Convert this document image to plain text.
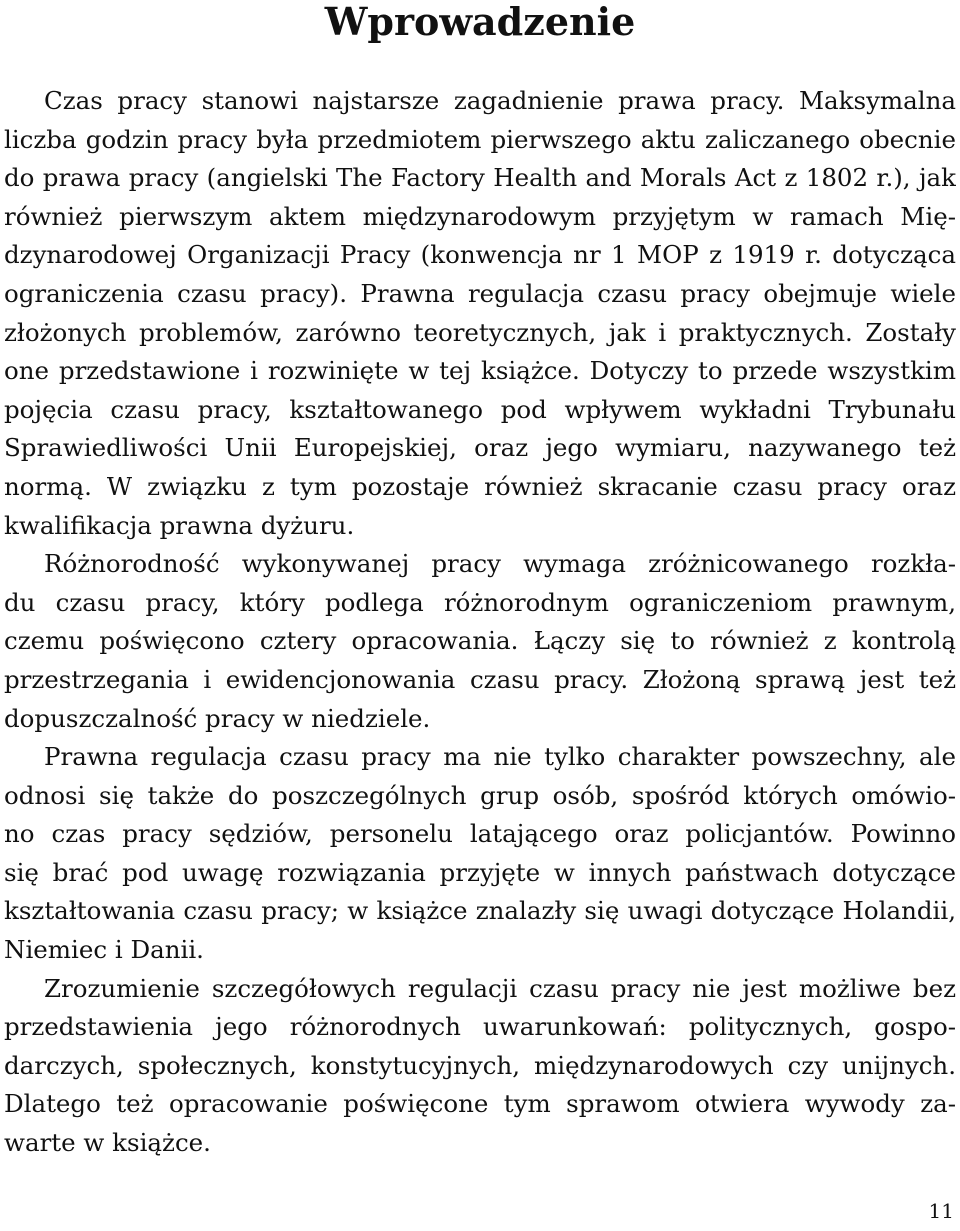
Wprowadzenie
Czas pracy stanowi najstarsze zagadnienie prawa pracy. Maksymalna
liczba godzin pracy była przedmiotem pierwszego aktu zaliczanego obecnie
do prawa pracy (angielski The Factory Health and Morals Act z 1802 r.), jak
również pierwszym aktem międzynarodowym przyjętym w ramach Mię-
dzynarodowej Organizacji Pracy (konwencja nr 1 MOP z 1919 r. dotycząca
ograniczenia czasu pracy). Prawna regulacja czasu pracy obejmuje wiele
złożonych problemów, zarówno teoretycznych, jak i praktycznych. Zostały
one przedstawione i rozwinięte w tej książce. Dotyczy to przede wszystkim
pojęcia czasu pracy, kształtowanego pod wpływem wykładni Trybunału
Sprawiedliwości Unii Europejskiej, oraz jego wymiaru, nazywanego też
normą. W związku z tym pozostaje również skracanie czasu pracy oraz
kwalifikacja prawna dyżuru.
Różnorodność wykonywanej pracy wymaga zróżnicowanego rozkła-
du czasu pracy, który podlega różnorodnym ograniczeniom prawnym,
czemu poświęcono cztery opracowania. Łączy się to również z kontrolą
przestrzegania i ewidencjonowania czasu pracy. Złożoną sprawą jest też
dopuszczalność pracy w niedziele.
Prawna regulacja czasu pracy ma nie tylko charakter powszechny, ale
odnosi się także do poszczególnych grup osób, spośród których omówio-
no czas pracy sędziów, personelu latającego oraz policjantów. Powinno
się brać pod uwagę rozwiązania przyjęte w innych państwach dotyczące
kształtowania czasu pracy; w książce znalazły się uwagi dotyczące Holandii,
Niemiec i Danii.
Zrozumienie szczegółowych regulacji czasu pracy nie jest możliwe bez
przedstawienia jego różnorodnych uwarunkowań: politycznych, gospo-
darczych, społecznych, konstytucyjnych, międzynarodowych czy unijnych.
Dlatego też opracowanie poświęcone tym sprawom otwiera wywody za-
warte w książce.
11
